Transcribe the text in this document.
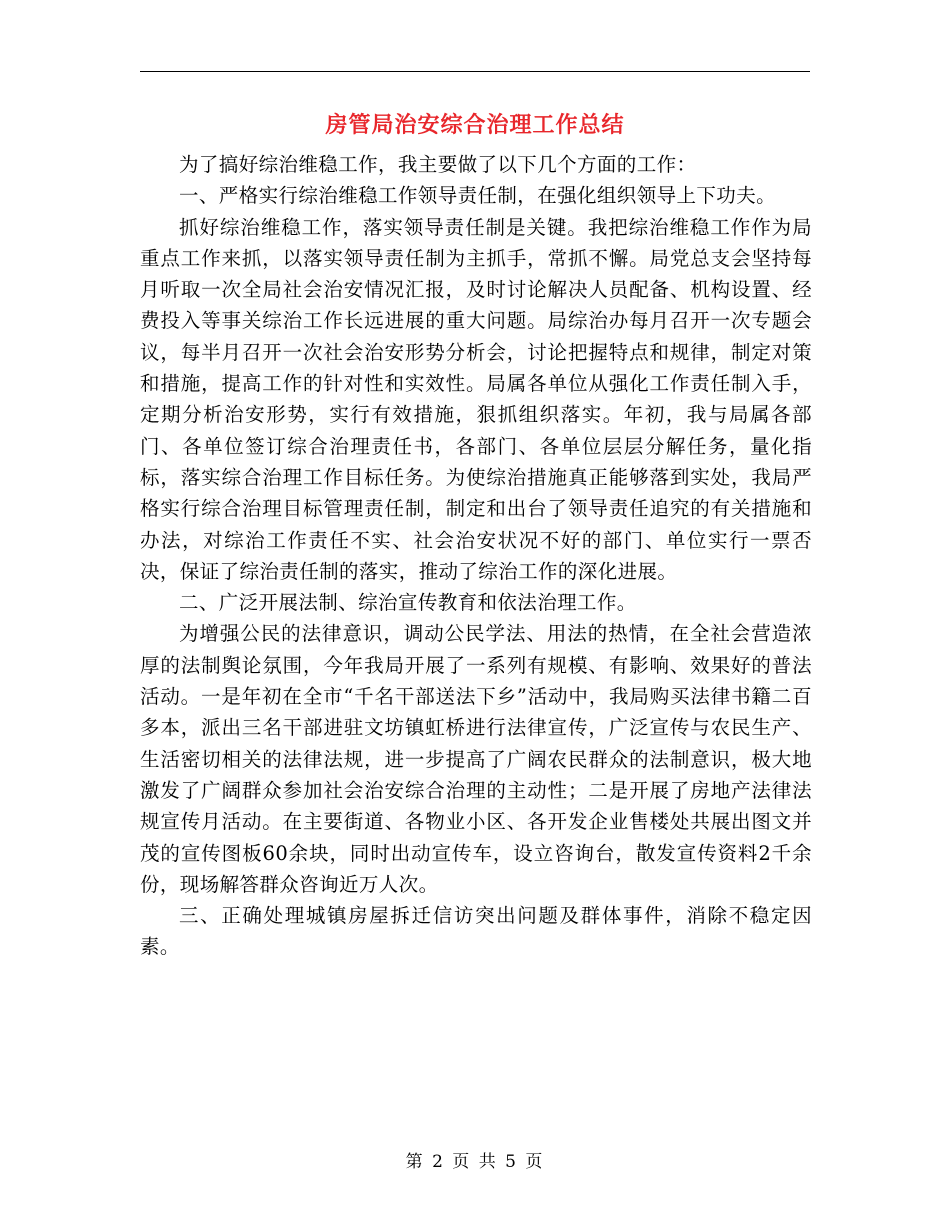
房管局治安综合治理工作总结

为了搞好综治维稳工作，我主要做了以下几个方面的工作：

一、严格实行综治维稳工作领导责任制，在强化组织领导上下功夫。

抓好综治维稳工作，落实领导责任制是关键。我把综治维稳工作作为局重点工作来抓，以落实领导责任制为主抓手，常抓不懈。局党总支会坚持每月听取一次全局社会治安情况汇报，及时讨论解决人员配备、机构设置、经费投入等事关综治工作长远进展的重大问题。局综治办每月召开一次专题会议，每半月召开一次社会治安形势分析会，讨论把握特点和规律，制定对策和措施，提高工作的针对性和实效性。局属各单位从强化工作责任制入手，定期分析治安形势，实行有效措施，狠抓组织落实。年初，我与局属各部门、各单位签订综合治理责任书，各部门、各单位层层分解任务，量化指标，落实综合治理工作目标任务。为使综治措施真正能够落到实处，我局严格实行综合治理目标管理责任制，制定和出台了领导责任追究的有关措施和办法，对综治工作责任不实、社会治安状况不好的部门、单位实行一票否决，保证了综治责任制的落实，推动了综治工作的深化进展。

二、广泛开展法制、综治宣传教育和依法治理工作。

为增强公民的法律意识，调动公民学法、用法的热情，在全社会营造浓厚的法制舆论氛围，今年我局开展了一系列有规模、有影响、效果好的普法活动。一是年初在全市“千名干部送法下乡”活动中，我局购买法律书籍二百多本，派出三名干部进驻文坊镇虹桥进行法律宣传，广泛宣传与农民生产、生活密切相关的法律法规，进一步提高了广阔农民群众的法制意识，极大地激发了广阔群众参加社会治安综合治理的主动性；二是开展了房地产法律法规宣传月活动。在主要街道、各物业小区、各开发企业售楼处共展出图文并茂的宣传图板60余块，同时出动宣传车，设立咨询台，散发宣传资料2千余份，现场解答群众咨询近万人次。

三、正确处理城镇房屋拆迁信访突出问题及群体事件，消除不稳定因素。

第 2 页 共 5 页
